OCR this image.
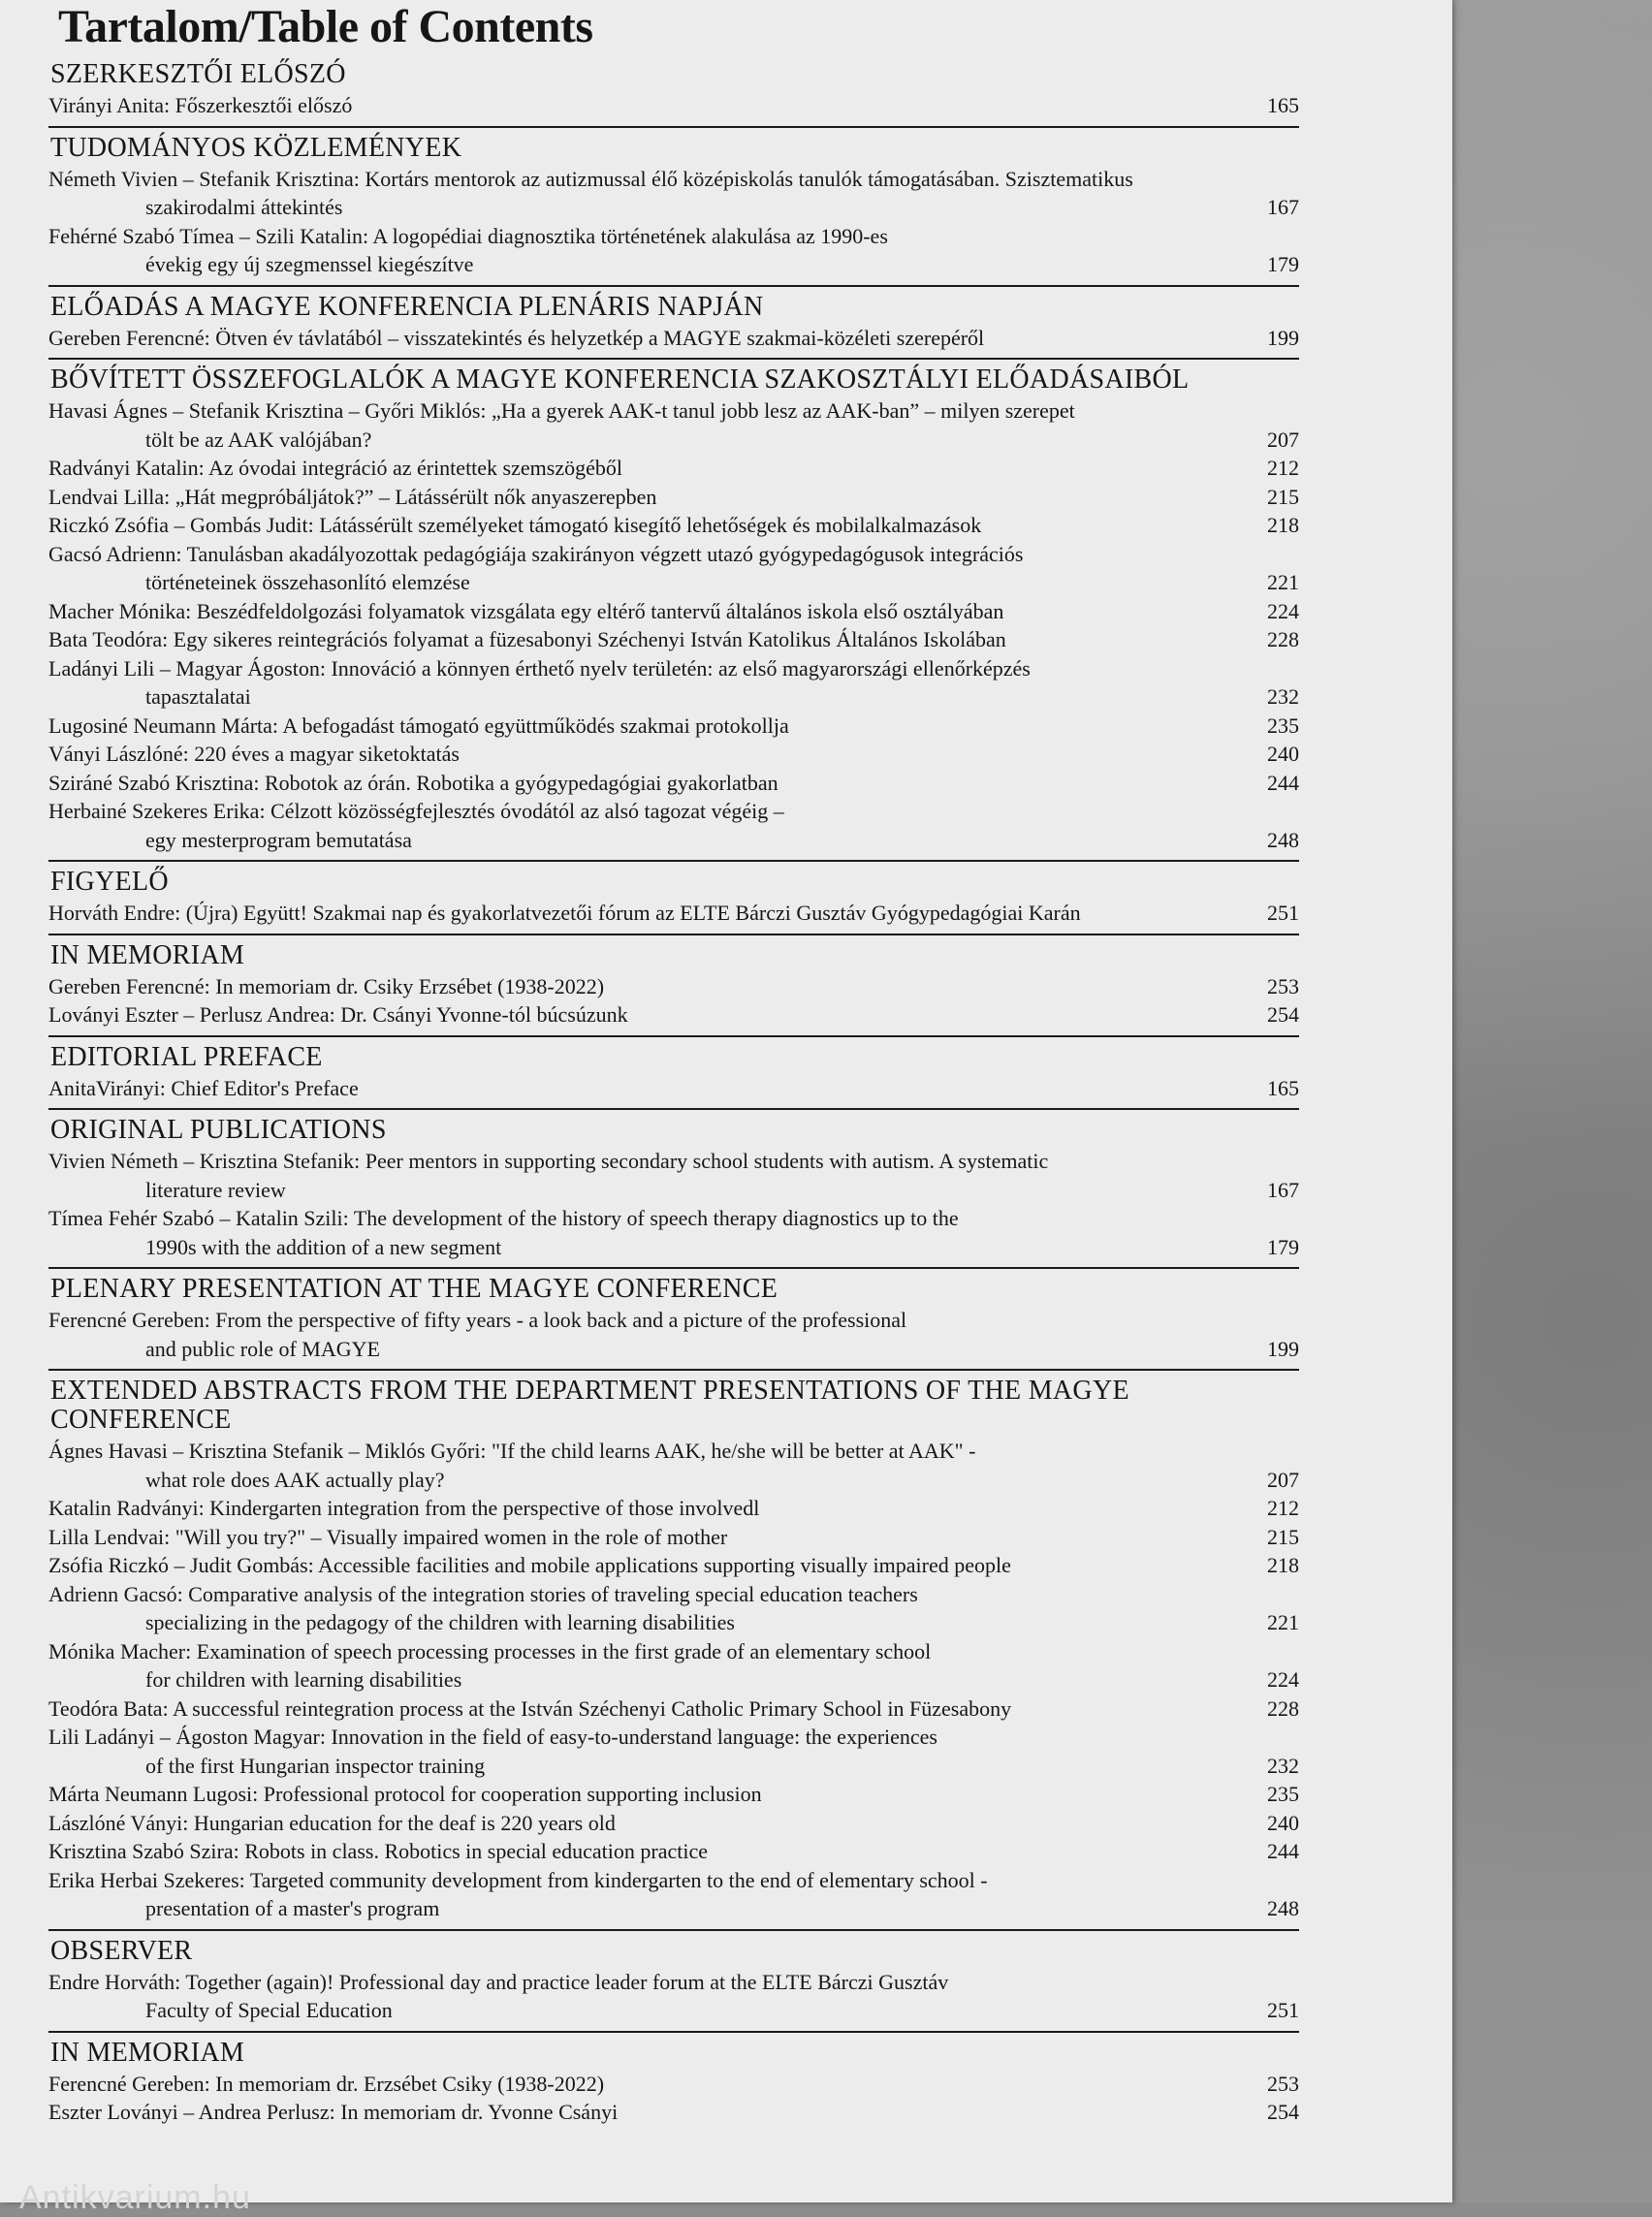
Tartalom/Table of Contents
SZERKESZTŐI ELŐSZÓ
Virányi Anita: Főszerkesztői előszó	165
TUDOMÁNYOS KÖZLEMÉNYEK
Németh Vivien – Stefanik Krisztina: Kortárs mentorok az autizmussal élő középiskolás tanulók támogatásában. Szisztematikus
szakirodalmi áttekintés	167
Fehérné Szabó Tímea – Szili Katalin: A logopédiai diagnosztika történetének alakulása az 1990-es
évekig egy új szegmenssel kiegészítve	179
ELŐADÁS A MAGYE KONFERENCIA PLENÁRIS NAPJÁN
Gereben Ferencné: Ötven év távlatából – visszatekintés és helyzetkép a MAGYE szakmai-közéleti szerepéről	199
BŐVÍTETT ÖSSZEFOGLALÓK A MAGYE KONFERENCIA SZAKOSZTÁLYI ELŐADÁSAIBÓL
Havasi Ágnes – Stefanik Krisztina – Győri Miklós: „Ha a gyerek AAK-t tanul jobb lesz az AAK-ban” – milyen szerepet
tölt be az AAK valójában?	207
Radványi Katalin: Az óvodai integráció az érintettek szemszögéből	212
Lendvai Lilla: „Hát megpróbáljátok?” – Látássérült nők anyaszerepben	215
Riczkó Zsófia – Gombás Judit: Látássérült személyeket támogató kisegítő lehetőségek és mobilalkalmazások	218
Gacsó Adrienn: Tanulásban akadályozottak pedagógiája szakirányon végzett utazó gyógypedagógusok integrációs
történeteinek összehasonlító elemzése	221
Macher Mónika: Beszédfeldolgozási folyamatok vizsgálata egy eltérő tantervű általános iskola első osztályában	224
Bata Teodóra: Egy sikeres reintegrációs folyamat a füzesabonyi Széchenyi István Katolikus Általános Iskolában	228
Ladányi Lili – Magyar Ágoston: Innováció a könnyen érthető nyelv területén: az első magyarországi ellenőrképzés
tapasztalatai	232
Lugosiné Neumann Márta: A befogadást támogató együttműködés szakmai protokollja	235
Ványi Lászlóné: 220 éves a magyar siketoktatás	240
Sziráné Szabó Krisztina: Robotok az órán. Robotika a gyógypedagógiai gyakorlatban	244
Herbainé Szekeres Erika: Célzott közösségfejlesztés óvodától az alsó tagozat végéig –
egy mesterprogram bemutatása	248
FIGYELŐ
Horváth Endre: (Újra) Együtt! Szakmai nap és gyakorlatvezetői fórum az ELTE Bárczi Gusztáv Gyógypedagógiai Karán	251
IN MEMORIAM
Gereben Ferencné: In memoriam dr. Csiky Erzsébet (1938-2022)	253
Loványi Eszter – Perlusz Andrea: Dr. Csányi Yvonne-tól búcsúzunk	254
EDITORIAL PREFACE
AnitaVirányi: Chief Editor's Preface	165
ORIGINAL PUBLICATIONS
Vivien Németh – Krisztina Stefanik: Peer mentors in supporting secondary school students with autism. A systematic
literature review	167
Tímea Fehér Szabó – Katalin Szili: The development of the history of speech therapy diagnostics up to the
1990s with the addition of a new segment	179
PLENARY PRESENTATION AT THE MAGYE CONFERENCE
Ferencné Gereben: From the perspective of fifty years - a look back and a picture of the professional
and public role of MAGYE	199
EXTENDED ABSTRACTS FROM THE DEPARTMENT PRESENTATIONS OF THE MAGYE CONFERENCE
Ágnes Havasi – Krisztina Stefanik – Miklós Győri: "If the child learns AAK, he/she will be better at AAK" -
what role does AAK actually play?	207
Katalin Radványi: Kindergarten integration from the perspective of those involvedl	212
Lilla Lendvai: "Will you try?" – Visually impaired women in the role of mother	215
Zsófia Riczkó – Judit Gombás: Accessible facilities and mobile applications supporting visually impaired people	218
Adrienn Gacsó: Comparative analysis of the integration stories of traveling special education teachers
specializing in the pedagogy of the children with learning disabilities	221
Mónika Macher: Examination of speech processing processes in the first grade of an elementary school
for children with learning disabilities	224
Teodóra Bata: A successful reintegration process at the István Széchenyi Catholic Primary School in Füzesabony	228
Lili Ladányi – Ágoston Magyar: Innovation in the field of easy-to-understand language: the experiences
of the first Hungarian inspector training	232
Márta Neumann Lugosi: Professional protocol for cooperation supporting inclusion	235
Lászlóné Ványi: Hungarian education for the deaf is 220 years old	240
Krisztina Szabó Szira: Robots in class. Robotics in special education practice	244
Erika Herbai Szekeres: Targeted community development from kindergarten to the end of elementary school -
presentation of a master's program	248
OBSERVER
Endre Horváth: Together (again)! Professional day and practice leader forum at the ELTE Bárczi Gusztáv
Faculty of Special Education	251
IN MEMORIAM
Ferencné Gereben: In memoriam dr. Erzsébet Csiky (1938-2022)	253
Eszter Loványi – Andrea Perlusz: In memoriam dr. Yvonne Csányi	254
Antikvarium.hu
